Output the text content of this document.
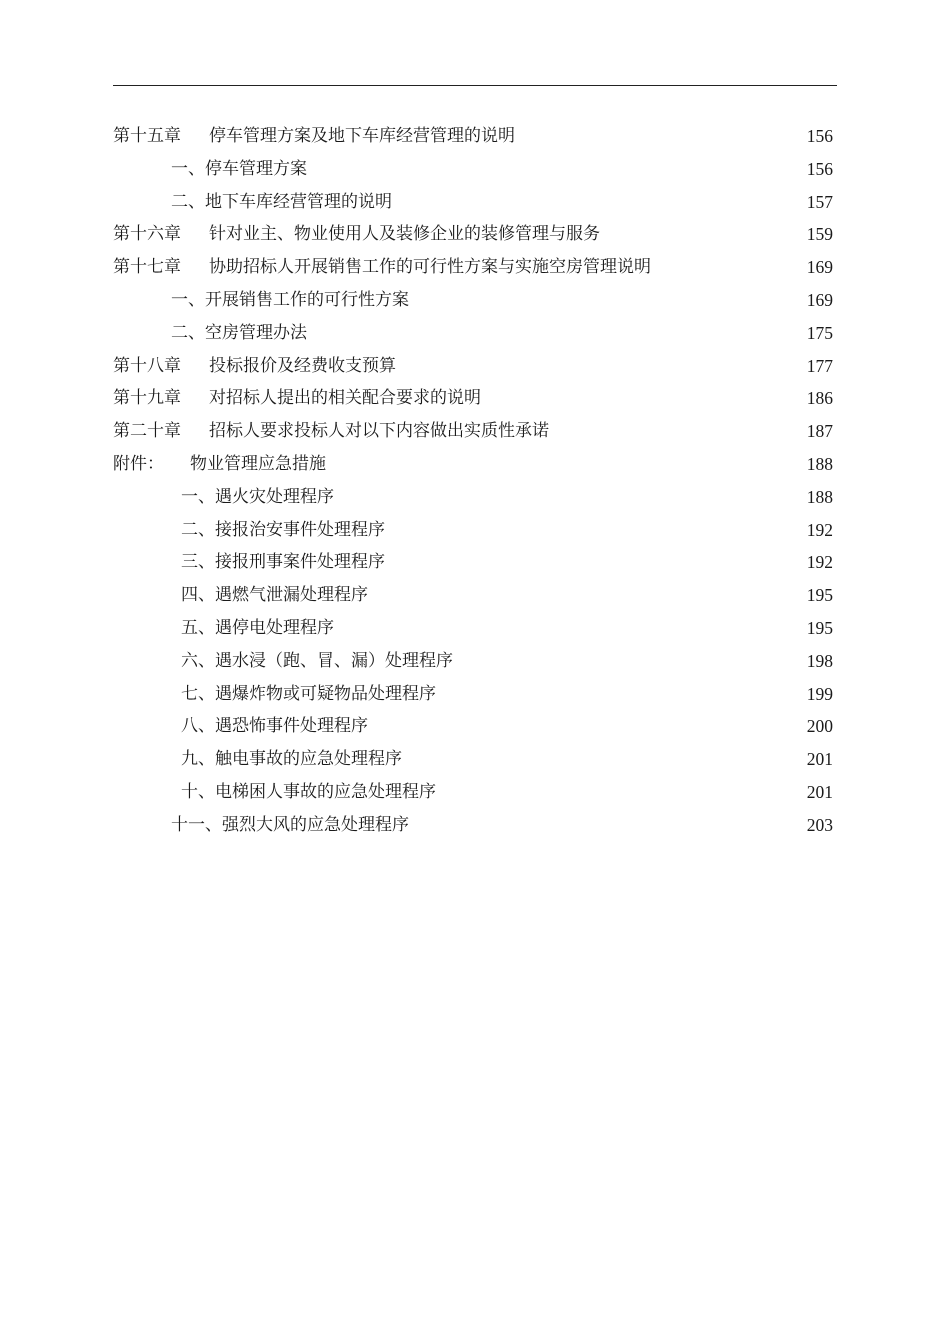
第十五章 停车管理方案及地下车库经营管理的说明	156
一、停车管理方案	156
二、地下车库经营管理的说明	157
第十六章 针对业主、物业使用人及装修企业的装修管理与服务	159
第十七章 协助招标人开展销售工作的可行性方案与实施空房管理说明	169
一、开展销售工作的可行性方案	169
二、空房管理办法	175
第十八章 投标报价及经费收支预算	177
第十九章 对招标人提出的相关配合要求的说明	186
第二十章 招标人要求投标人对以下内容做出实质性承诺	187
附件： 物业管理应急措施	188
一、遇火灾处理程序	188
二、接报治安事件处理程序	192
三、接报刑事案件处理程序	192
四、遇燃气泄漏处理程序	195
五、遇停电处理程序	195
六、遇水浸（跑、冒、漏）处理程序	198
七、遇爆炸物或可疑物品处理程序	199
八、遇恐怖事件处理程序	200
九、触电事故的应急处理程序	201
十、电梯困人事故的应急处理程序	201
十一、强烈大风的应急处理程序	203
